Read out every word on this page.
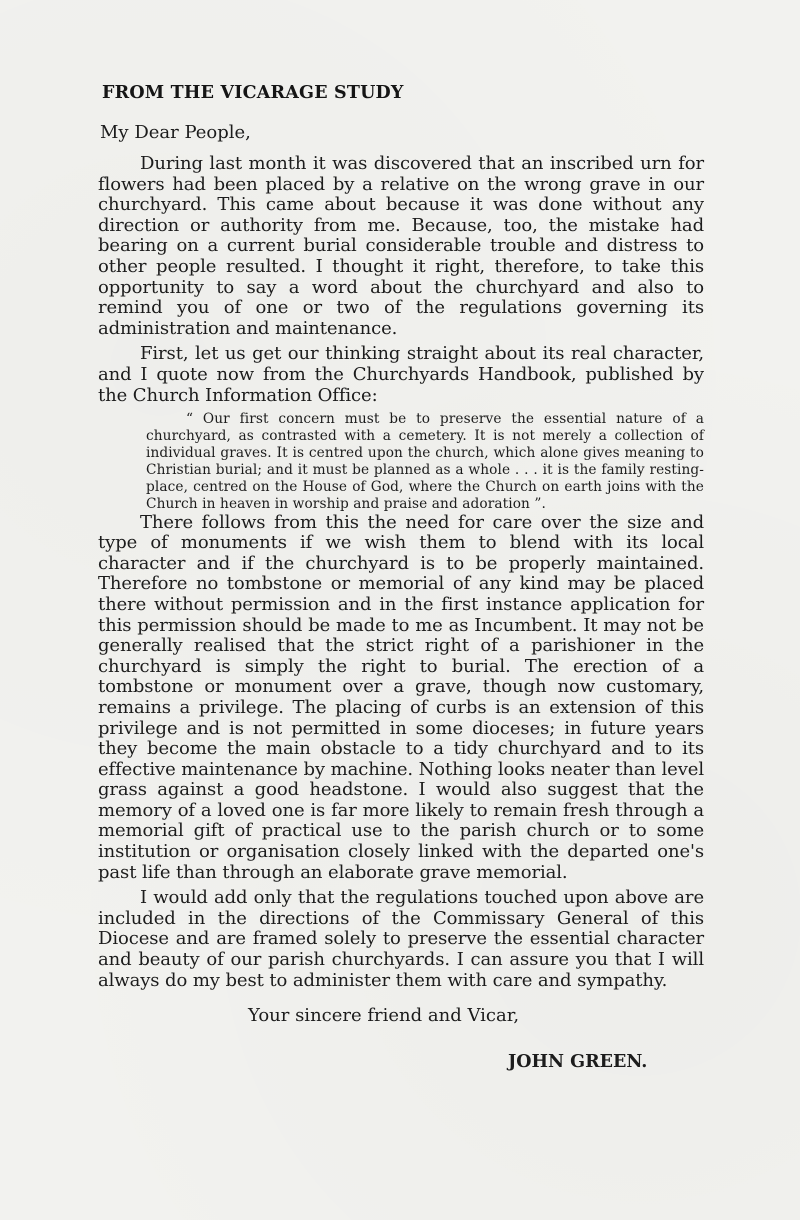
FROM THE VICARAGE STUDY
My Dear People,

During last month it was discovered that an inscribed urn for flowers had been placed by a relative on the wrong grave in our churchyard. This came about because it was done without any direction or authority from me. Because, too, the mistake had bearing on a current burial considerable trouble and distress to other people resulted. I thought it right, therefore, to take this opportunity to say a word about the churchyard and also to remind you of one or two of the regulations governing its administration and maintenance.

First, let us get our thinking straight about its real character, and I quote now from the Churchyards Handbook, published by the Church Information Office:

“ Our first concern must be to preserve the essential nature of a churchyard, as contrasted with a cemetery. It is not merely a collection of individual graves. It is centred upon the church, which alone gives meaning to Christian burial; and it must be planned as a whole . . . it is the family resting-place, centred on the House of God, where the Church on earth joins with the Church in heaven in worship and praise and adoration ”.

There follows from this the need for care over the size and type of monuments if we wish them to blend with its local character and if the churchyard is to be properly maintained. Therefore no tombstone or memorial of any kind may be placed there without permission and in the first instance application for this permission should be made to me as Incumbent. It may not be generally realised that the strict right of a parishioner in the churchyard is simply the right to burial. The erection of a tombstone or monument over a grave, though now customary, remains a privilege. The placing of curbs is an extension of this privilege and is not permitted in some dioceses; in future years they become the main obstacle to a tidy churchyard and to its effective maintenance by machine. Nothing looks neater than level grass against a good headstone. I would also suggest that the memory of a loved one is far more likely to remain fresh through a memorial gift of practical use to the parish church or to some institution or organisation closely linked with the departed one's past life than through an elaborate grave memorial.

I would add only that the regulations touched upon above are included in the directions of the Commissary General of this Diocese and are framed solely to preserve the essential character and beauty of our parish churchyards. I can assure you that I will always do my best to administer them with care and sympathy.

Your sincere friend and Vicar,
JOHN GREEN.
